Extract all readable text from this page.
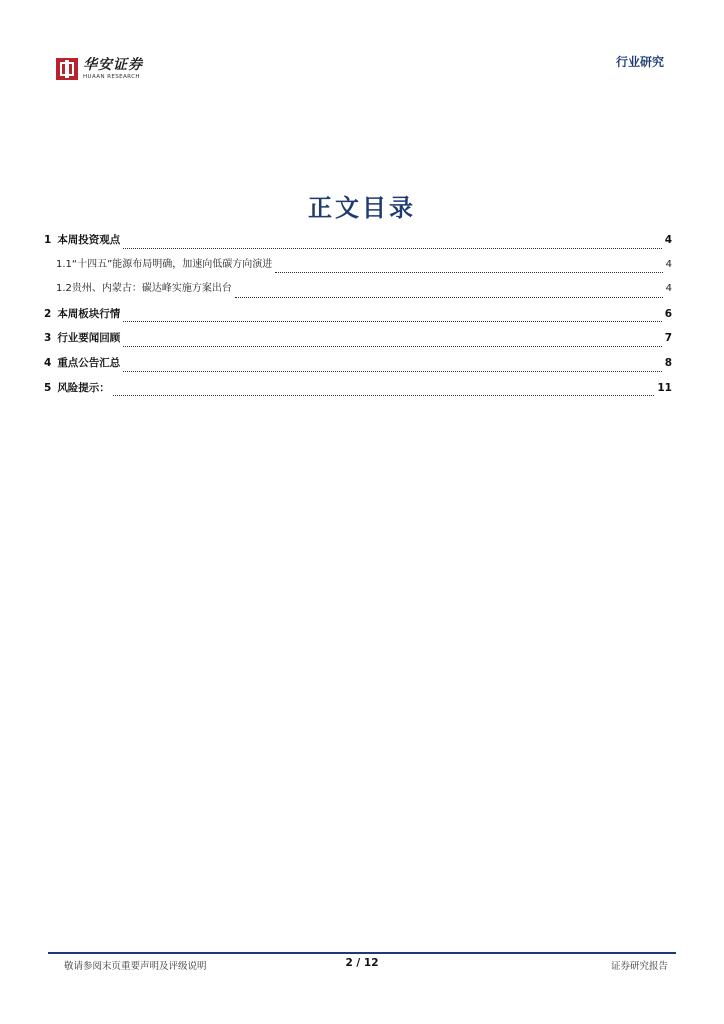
华安证券
HUAAN RESEARCH
行业研究
正文目录
1 本周投资观点	4
1.1 “十四五”能源布局明确，加速向低碳方向演进	4
1.2 贵州、内蒙古：碳达峰实施方案出台	4
2 本周板块行情	6
3 行业要闻回顾	7
4 重点公告汇总	8
5 风险提示：	11
敬请参阅末页重要声明及评级说明	2 / 12	证券研究报告
